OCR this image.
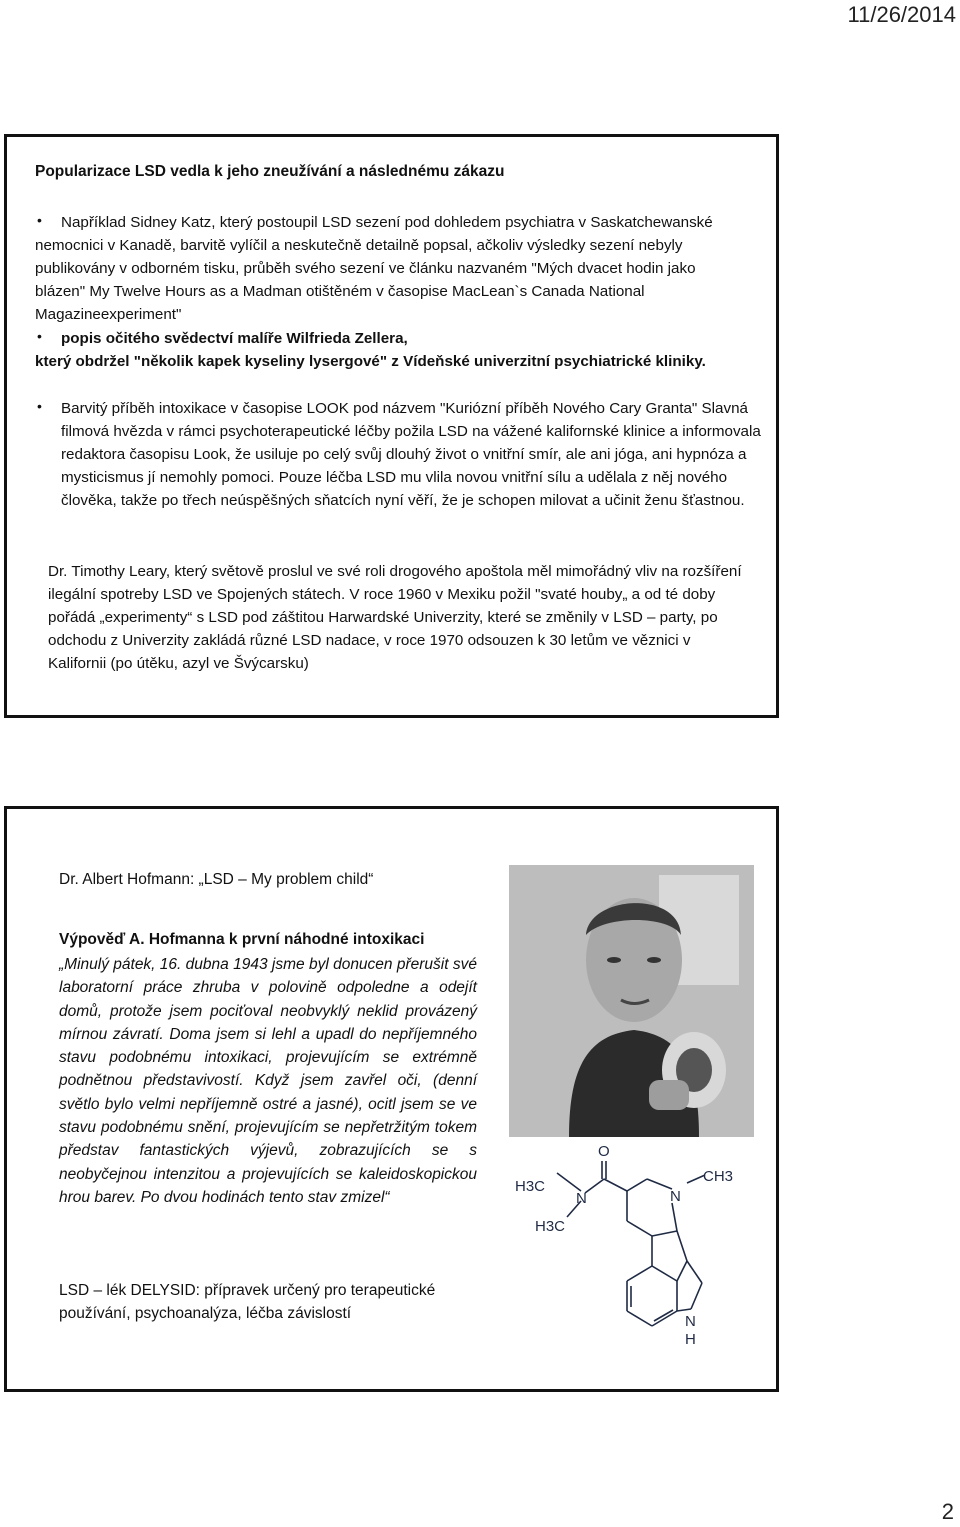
11/26/2014
Popularizace LSD vedla k jeho zneužívání a následnému zákazu
•	Například Sidney Katz, který postoupil LSD sezení pod dohledem psychiatra v Saskatchewanské nemocnici v Kanadě, barvitě vylíčil a neskutečně detailně popsal, ačkoliv výsledky sezení nebyly publikovány v odborném tisku, průběh svého sezení ve článku nazvaném "Mých dvacet hodin jako blázen" My Twelve Hours as a Madman otištěném v časopise MacLean`s Canada National Magazineexperiment"
•	popis očitého svědectví malíře Wilfrieda Zellera,
který obdržel "několik kapek kyseliny lysergové" z Vídeňské univerzitní psychiatrické kliniky.
• Barvitý příběh intoxikace v časopise LOOK pod názvem "Kuriózní příběh Nového Cary Granta" Slavná filmová hvězda v rámci psychoterapeutické léčby požila LSD na vážené kalifornské klinice a informovala redaktora časopisu Look, že usiluje po celý svůj dlouhý život o vnitřní smír, ale ani jóga, ani hypnóza a mysticismus jí nemohly pomoci. Pouze léčba LSD mu vlila novou vnitřní sílu a udělala z něj nového člověka, takže po třech neúspěšných sňatcích nyní věří, že je schopen milovat a učinit ženu šťastnou.
Dr. Timothy Leary, který světově proslul ve své roli drogového apoštola měl mimořádný vliv na rozšíření ilegální spotreby LSD ve Spojených státech. V roce 1960 v Mexiku požil "svaté houby„ a od té doby pořádá „experimenty“ s LSD pod záštitou Harwardské Univerzity, které se změnily v LSD – party, po odchodu z Univerzity zakládá různé LSD nadace, v roce 1970 odsouzen k 30 letům ve věznici v Kalifornii (po útěku, azyl ve Švýcarsku)
Dr. Albert Hofmann: „LSD – My problem child“
Výpověď A. Hofmanna k první náhodné intoxikaci
„Minulý pátek, 16. dubna 1943 jsme byl donucen přerušit své laboratorní práce zhruba v polovině odpoledne a odejít domů, protože jsem pociťoval neobvyklý neklid provázený mírnou závratí. Doma jsem si lehl a upadl do nepříjemného stavu podobnému intoxikaci, projevujícím se extrémně podnětnou představivostí. Když jsem zavřel oči, (denní světlo bylo velmi nepříjemně ostré a jasné), ocitl jsem se ve stavu podobnému snění, projevujícím se nepřetržitým tokem představ fantastických výjevů, zobrazujících se s neobyčejnou intenzitou a projevujících se kaleidoskopickou hrou barev. Po dvou hodinách tento stav zmizel“
LSD – lék DELYSID: přípravek určený pro terapeutické používání, psychoanalýza, léčba závislostí
O
H3C
H3C
N	N
CH3
N
H
2
